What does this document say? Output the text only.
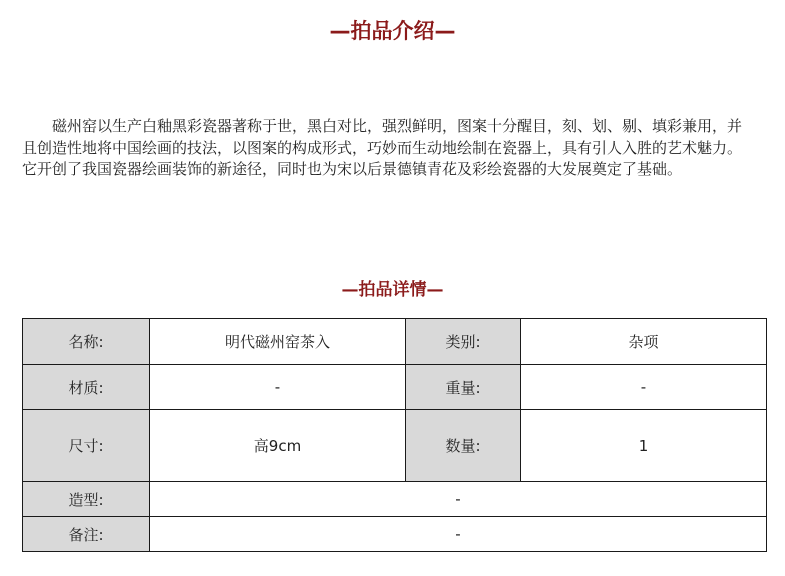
—拍品介绍—

磁州窑以生产白釉黑彩瓷器著称于世，黑白对比，强烈鲜明，图案十分醒目，刻、划、剔、填彩兼用，并且创造性地将中国绘画的技法，以图案的构成形式，巧妙而生动地绘制在瓷器上，具有引人入胜的艺术魅力。它开创了我国瓷器绘画装饰的新途径，同时也为宋以后景德镇青花及彩绘瓷器的大发展奠定了基础。

—拍品详情—
名称:	明代磁州窑茶入	类别:	杂项
材质:	-	重量:	-
尺寸:	高9cm	数量:	1
造型:	-		
备注:	-		
